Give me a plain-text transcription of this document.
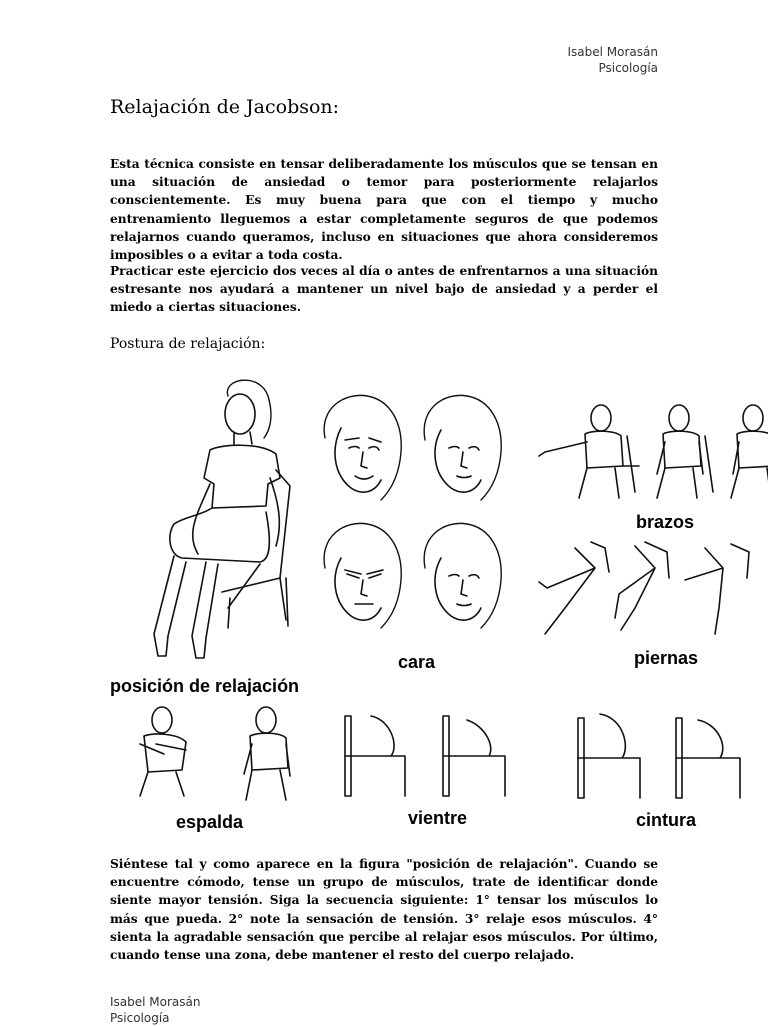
Isabel Morasán
Psicología
Relajación de Jacobson:

Esta técnica consiste en tensar deliberadamente los músculos que se tensan en una situación de ansiedad o temor para posteriormente relajarlos conscientemente. Es muy buena para que con el tiempo y mucho entrenamiento lleguemos a estar completamente seguros de que podemos relajarnos cuando queramos, incluso en situaciones que ahora consideremos imposibles o a evitar a toda costa.

Practicar este ejercicio dos veces al día o antes de enfrentarnos a una situación estresante nos ayudará a mantener un nivel bajo de ansiedad y a perder el miedo a ciertas situaciones.

Postura de relajación:
posición de relajación
cara
brazos
piernas
espalda	vientre	cintura

Siéntese tal y como aparece en la figura "posición de relajación". Cuando se encuentre cómodo, tense un grupo de músculos, trate de identificar donde siente mayor tensión. Siga la secuencia siguiente: 1° tensar los músculos lo más que pueda. 2° note la sensación de tensión. 3° relaje esos músculos. 4° sienta la agradable sensación que percibe al relajar esos músculos. Por último, cuando tense una zona, debe mantener el resto del cuerpo relajado.

Isabel Morasán
Psicología
